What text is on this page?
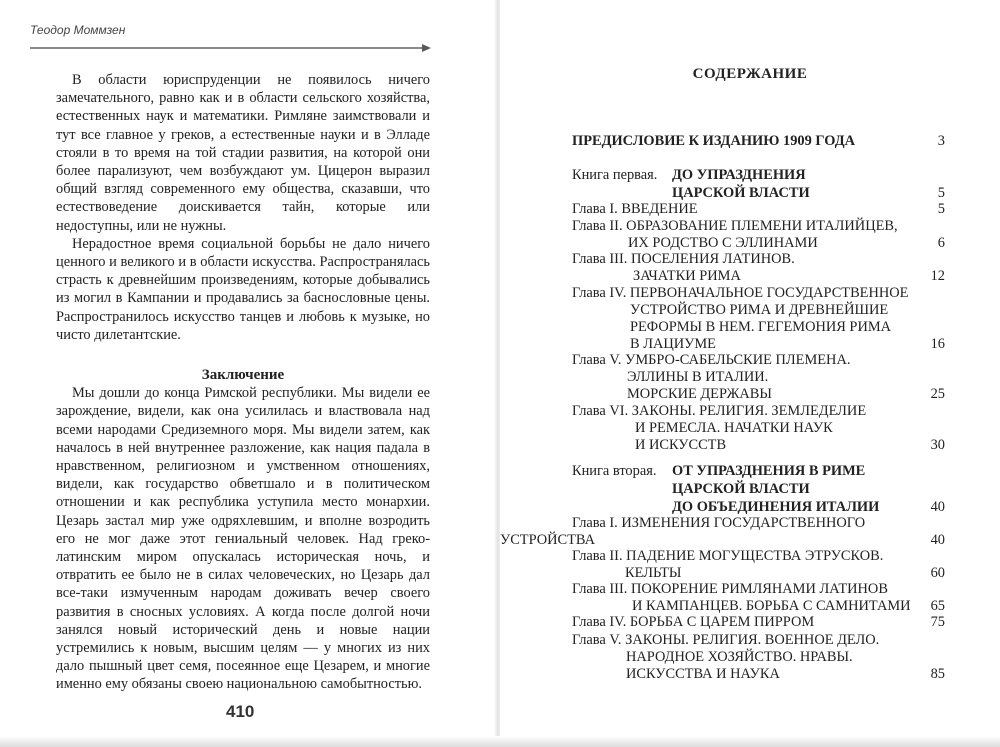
Теодор Моммзен

В области юриспруденции не появилось ничего замечательного, равно как и в области сельского хозяйства, естественных наук и математики. Римляне заимствовали и тут все главное у греков, а естественные науки и в Элладе стояли в то время на той стадии развития, на которой они более парализуют, чем возбуждают ум. Цицерон выразил общий взгляд современного ему общества, сказавши, что естествоведение доискивается тайн, которые или недоступны, или не нужны.

Нерадостное время социальной борьбы не дало ничего ценного и великого и в области искусства. Распространялась страсть к древнейшим произведениям, которые добывались из могил в Кампании и продавались за баснословные цены. Распространилось искусство танцев и любовь к музыке, но чисто дилетантские.

Заключение

Мы дошли до конца Римской республики. Мы видели ее зарождение, видели, как она усилилась и властвовала над всеми народами Средиземного моря. Мы видели затем, как началось в ней внутреннее разложение, как нация падала в нравственном, религиозном и умственном отношениях, видели, как государство обветшало и в политическом отношении и как республика уступила место монархии. Цезарь застал мир уже одряхлевшим, и вполне возродить его не мог даже этот гениальный человек. Над греко-латинским миром опускалась историческая ночь, и отвратить ее было не в силах человеческих, но Цезарь дал все-таки измученным народам доживать вечер своего развития в сносных условиях. А когда после долгой ночи занялся новый исторический день и новые нации устремились к новым, высшим целям — у многих из них дало пышный цвет семя, посеянное еще Цезарем, и многие именно ему обязаны своею национальною самобытностью.

410
СОДЕРЖАНИЕ
ПРЕДИСЛОВИЕ К ИЗДАНИЮ 1909 ГОДА	3
Книга первая. ДО УПРАЗДНЕНИЯ
ЦАРСКОЙ ВЛАСТИ	5
Глава I. ВВЕДЕНИЕ	5
Глава II. ОБРАЗОВАНИЕ ПЛЕМЕНИ ИТАЛИЙЦЕВ,
ИХ РОДСТВО С ЭЛЛИНАМИ	6
Глава III. ПОСЕЛЕНИЯ ЛАТИНОВ.
ЗАЧАТКИ РИМА	12
Глава IV. ПЕРВОНАЧАЛЬНОЕ ГОСУДАРСТВЕННОЕ
УСТРОЙСТВО РИМА И ДРЕВНЕЙШИЕ
РЕФОРМЫ В НЕМ. ГЕГЕМОНИЯ РИМА
В ЛАЦИУМЕ	16
Глава V. УМБРО-САБЕЛЬСКИЕ ПЛЕМЕНА.
ЭЛЛИНЫ В ИТАЛИИ.
МОРСКИЕ ДЕРЖАВЫ	25
Глава VI. ЗАКОНЫ. РЕЛИГИЯ. ЗЕМЛЕДЕЛИЕ
И РЕМЕСЛА. НАЧАТКИ НАУК
И ИСКУССТВ	30
Книга вторая. ОТ УПРАЗДНЕНИЯ В РИМЕ
ЦАРСКОЙ ВЛАСТИ
ДО ОБЪЕДИНЕНИЯ ИТАЛИИ	40
Глава I. ИЗМЕНЕНИЯ ГОСУДАРСТВЕННОГО
УСТРОЙСТВА	40
Глава II. ПАДЕНИЕ МОГУЩЕСТВА ЭТРУСКОВ.
КЕЛЬТЫ	60
Глава III. ПОКОРЕНИЕ РИМЛЯНАМИ ЛАТИНОВ
И КАМПАНЦЕВ. БОРЬБА С САМНИТАМИ 65
Глава IV. БОРЬБА С ЦАРЕМ ПИРРОМ	75
Глава V. ЗАКОНЫ. РЕЛИГИЯ. ВОЕННОЕ ДЕЛО.
НАРОДНОЕ ХОЗЯЙСТВО. НРАВЫ.
ИСКУССТВА И НАУКА	85
